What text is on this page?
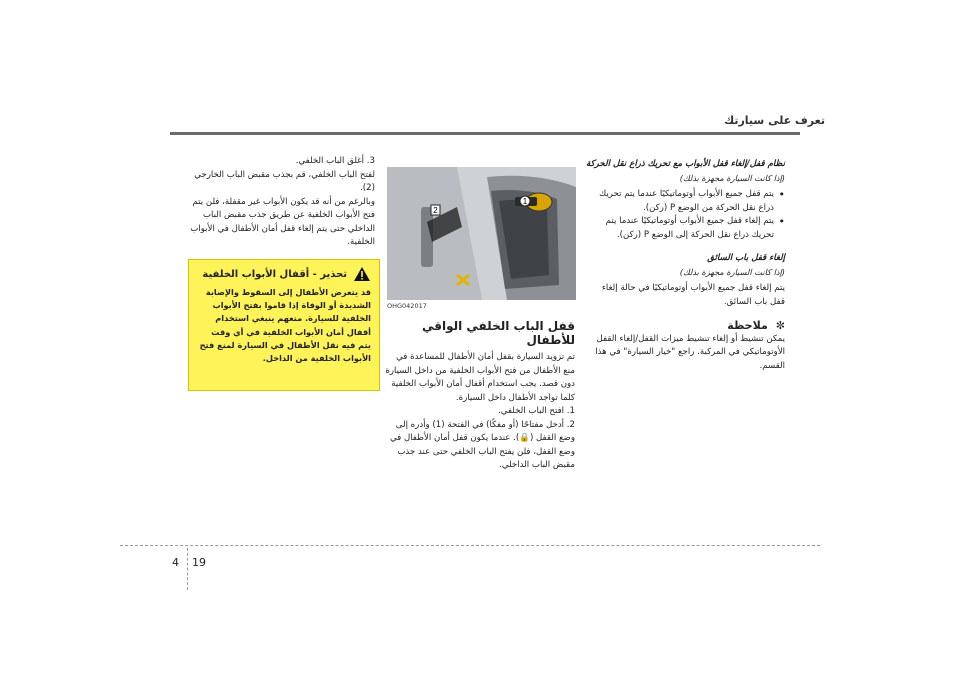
تعرف على سيارتك
نظام قفل/إلغاء قفل الأبواب مع تحريك ذراع نقل الحركة
(إذا كانت السيارة مجهزة بذلك)
• يتم قفل جميع الأبواب أوتوماتيكيًا عندما يتم تحريك ذراع نقل الحركة من الوضع P (ركن).
• يتم إلغاء قفل جميع الأبواب أوتوماتيكيًا عندما يتم تحريك ذراع نقل الحركة إلى الوضع P (ركن).
إلغاء قفل باب السائق
(إذا كانت السيارة مجهزة بذلك)
يتم إلغاء قفل جميع الأبواب أوتوماتيكيًا في حالة إلغاء قفل باب السائق.
✼
ملاحظة
يمكن تنشيط أو إلغاء تنشيط ميزات القفل/إلغاء القفل الأوتوماتيكي في المركبة. راجع "خيار السيارة" في هذا القسم.
1
2
OHG042017
قفل الباب الخلفي الواقي للأطفال
تم تزويد السيارة بقفل أمان الأطفال للمساعدة في منع الأطفال من فتح الأبواب الخلفية من داخل السيارة دون قصد. يجب استخدام أقفال أمان الأبواب الخلفية كلما تواجد الأطفال داخل السيارة.
1. افتح الباب الخلفي.
2. أدخل مفتاحًا (أو مفكًا) في الفتحة (1) وأدره إلى وضع القفل (🔒). عندما يكون قفل أمان الأطفال في وضع القفل، فلن يفتح الباب الخلفي حتى عند جذب مقبض الباب الداخلي.
3. أغلق الباب الخلفي.
لفتح الباب الخلفي، قم بجذب مقبض الباب الخارجي (2).
وبالرغم من أنه قد يكون الأبواب غير مقفلة، فلن يتم فتح الأبواب الخلفية عن طريق جذب مقبض الباب الداخلي حتى يتم إلغاء قفل أمان الأطفال في الأبواب الخلفية.
تحذير - أقفال الأبواب الخلفية
قد يتعرض الأطفال إلى السقوط والإصابة الشديدة أو الوفاة إذا قاموا بفتح الأبواب الخلفية للسيارة. منعهم ينبغي استخدام أقفال أمان الأبواب الخلفية في أي وقت يتم فيه نقل الأطفال في السيارة لمنع فتح الأبواب الخلفية من الداخل.
4 19
